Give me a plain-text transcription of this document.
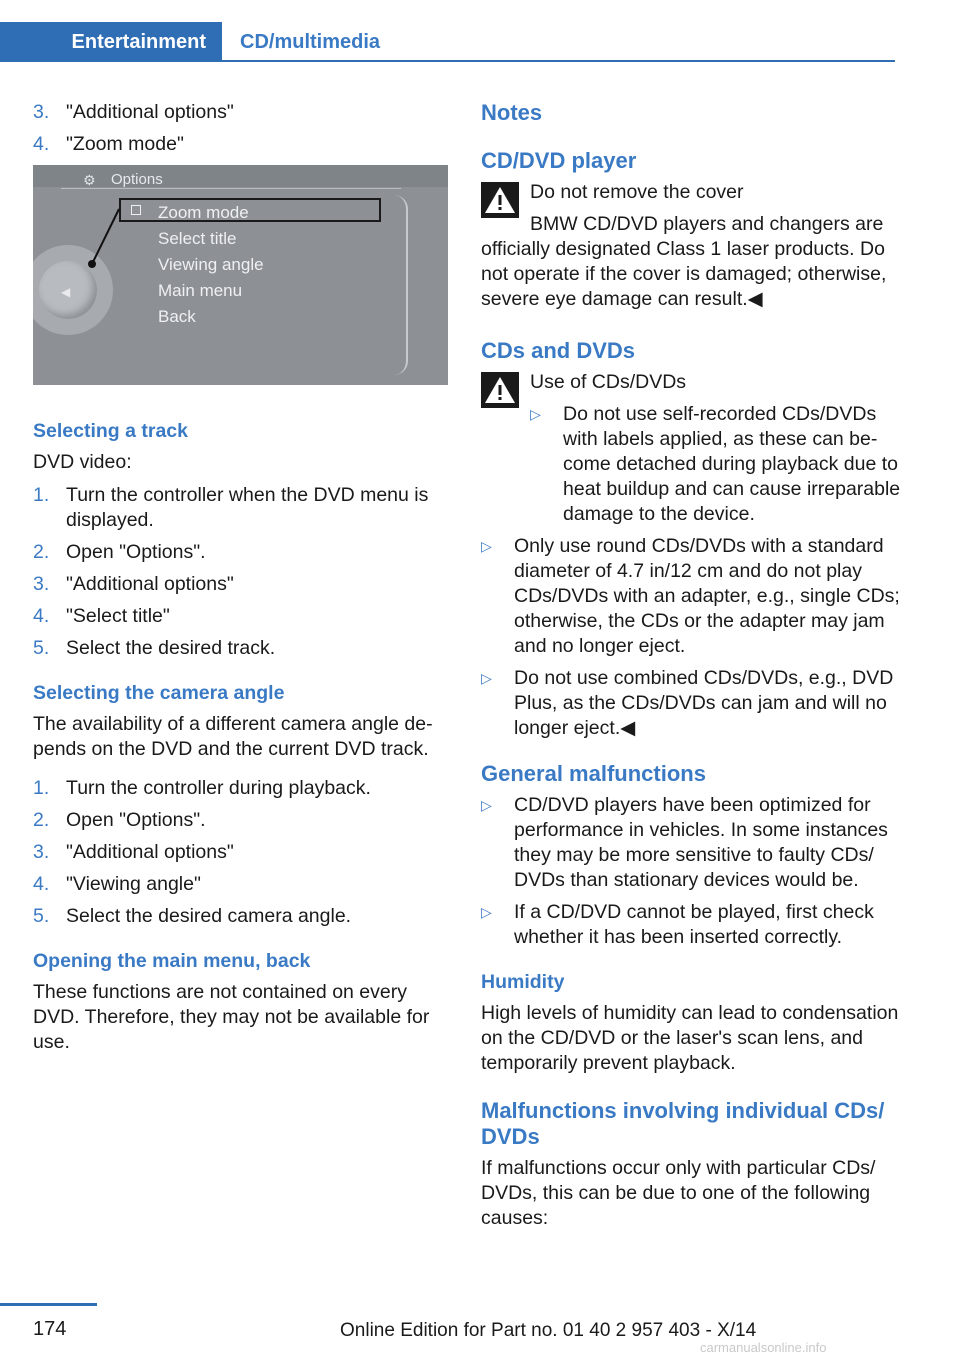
Entertainment	CD/multimedia
3. "Additional options"
4. "Zoom mode"
⚙ Options
◀
Zoom mode
Select title
Viewing angle
Main menu
Back
Selecting a track
DVD video:
1. Turn the controller when the DVD menu is displayed.
2. Open "Options".
3. "Additional options"
4. "Select title"
5. Select the desired track.
Selecting the camera angle
The availability of a different camera angle depends on the DVD and the current DVD track.
1. Turn the controller during playback.
2. Open "Options".
3. "Additional options"
4. "Viewing angle"
5. Select the desired camera angle.
Opening the main menu, back
These functions are not contained on every DVD. Therefore, they may not be available for use.
Notes
CD/DVD player
Do not remove the cover
BMW CD/DVD players and changers are officially designated Class 1 laser products. Do not operate if the cover is damaged; otherwise, severe eye damage can result.◀
CDs and DVDs
Use of CDs/DVDs
▷	Do not use self-recorded CDs/DVDs with labels applied, as these can become detached during playback due to heat buildup and can cause irreparable damage to the device.
▷	Only use round CDs/DVDs with a standard diameter of 4.7 in/12 cm and do not play CDs/DVDs with an adapter, e.g., single CDs; otherwise, the CDs or the adapter may jam and no longer eject.
▷	Do not use combined CDs/DVDs, e.g., DVD Plus, as the CDs/DVDs can jam and will no longer eject.◀
General malfunctions
▷	CD/DVD players have been optimized for performance in vehicles. In some instances they may be more sensitive to faulty CDs/ DVDs than stationary devices would be.
▷	If a CD/DVD cannot be played, first check whether it has been inserted correctly.
Humidity
High levels of humidity can lead to condensation on the CD/DVD or the laser's scan lens, and temporarily prevent playback.
Malfunctions involving individual CDs/ DVDs
If malfunctions occur only with particular CDs/ DVDs, this can be due to one of the following causes:
174	Online Edition for Part no. 01 40 2 957 403 - X/14
carmanualsonline.info
